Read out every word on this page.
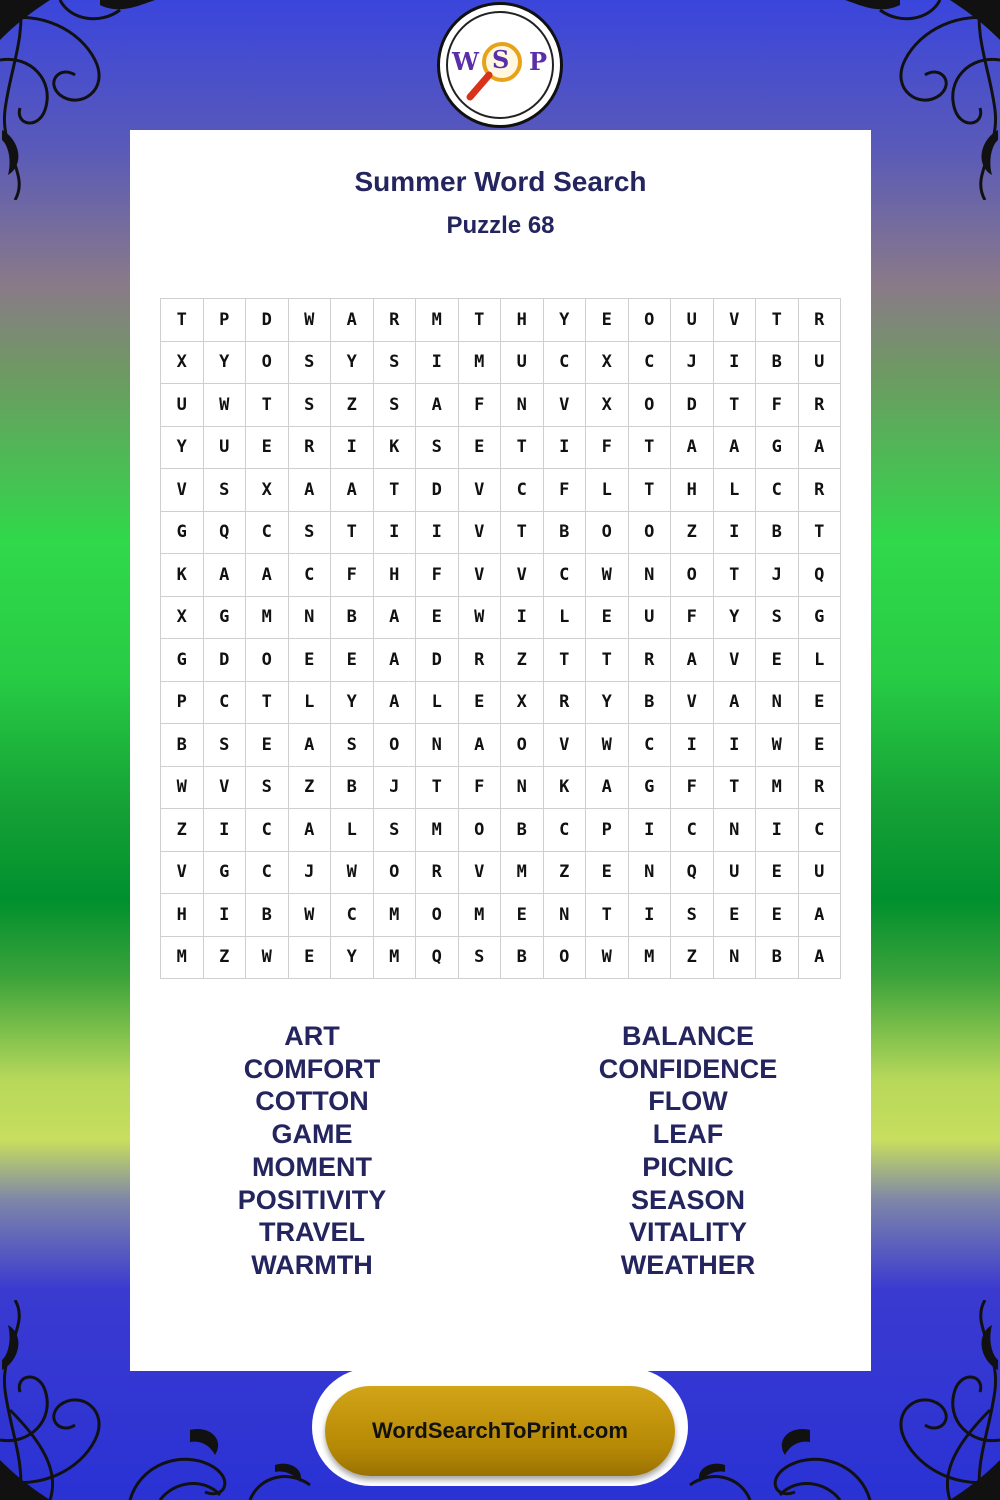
W S P
Summer Word Search
Puzzle 68
T	P	D	W	A	R	M	T	H	Y	E	O	U	V	T	R
X	Y	O	S	Y	S	I	M	U	C	X	C	J	I	B	U
U	W	T	S	Z	S	A	F	N	V	X	O	D	T	F	R
Y	U	E	R	I	K	S	E	T	I	F	T	A	A	G	A
V	S	X	A	A	T	D	V	C	F	L	T	H	L	C	R
G	Q	C	S	T	I	I	V	T	B	O	O	Z	I	B	T
K	A	A	C	F	H	F	V	V	C	W	N	O	T	J	Q
X	G	M	N	B	A	E	W	I	L	E	U	F	Y	S	G
G	D	O	E	E	A	D	R	Z	T	T	R	A	V	E	L
P	C	T	L	Y	A	L	E	X	R	Y	B	V	A	N	E
B	S	E	A	S	O	N	A	O	V	W	C	I	I	W	E
W	V	S	Z	B	J	T	F	N	K	A	G	F	T	M	R
Z	I	C	A	L	S	M	O	B	C	P	I	C	N	I	C
V	G	C	J	W	O	R	V	M	Z	E	N	Q	U	E	U
H	I	B	W	C	M	O	M	E	N	T	I	S	E	E	A
M	Z	W	E	Y	M	Q	S	B	O	W	M	Z	N	B	A
ART
COMFORT
COTTON
GAME
MOMENT
POSITIVITY
TRAVEL
WARMTH
BALANCE
CONFIDENCE
FLOW
LEAF
PICNIC
SEASON
VITALITY
WEATHER
WordSearchToPrint.com
